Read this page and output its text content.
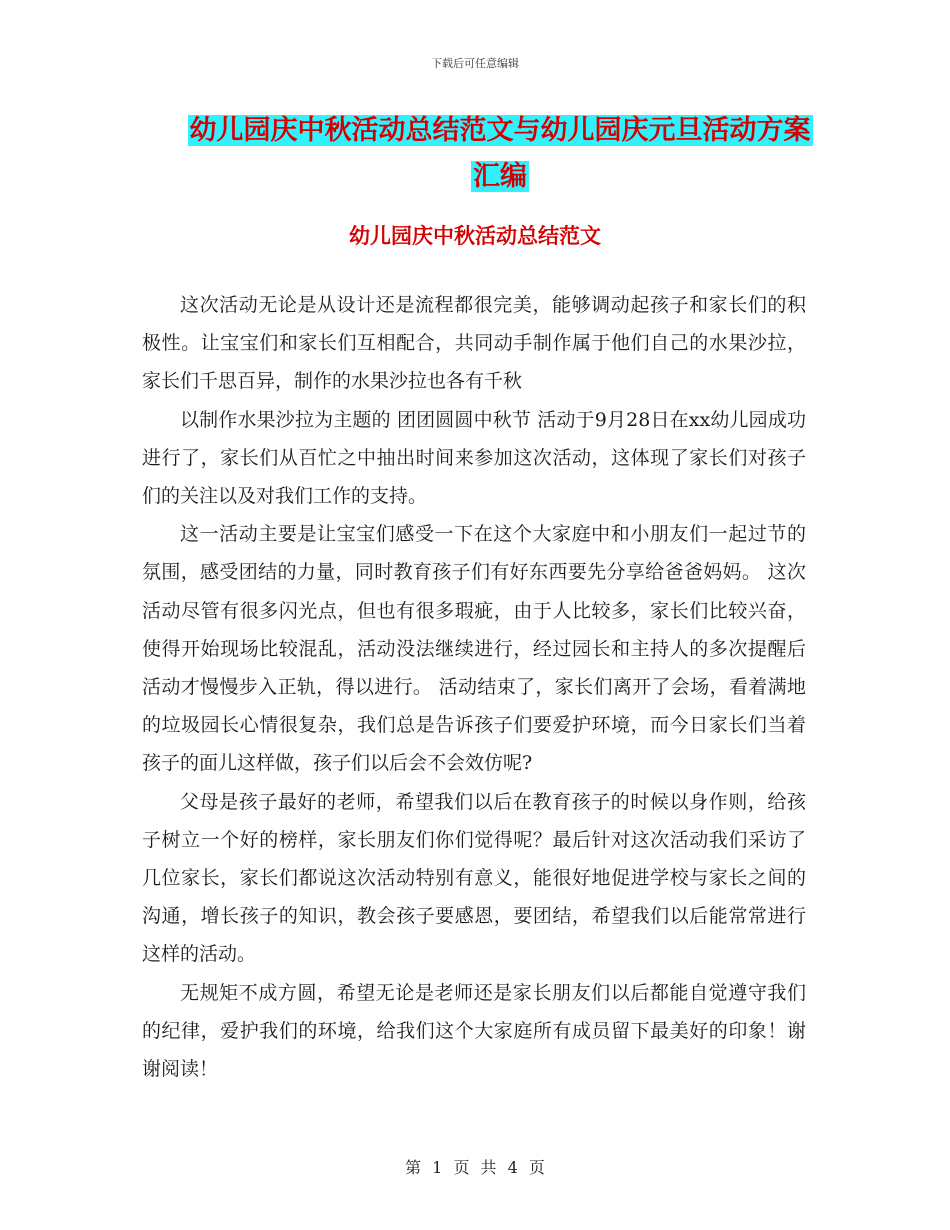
下载后可任意编辑
幼儿园庆中秋活动总结范文与幼儿园庆元旦活动方案
汇编
幼儿园庆中秋活动总结范文

这次活动无论是从设计还是流程都很完美，能够调动起孩子和家长们的积极性。让宝宝们和家长们互相配合，共同动手制作属于他们自己的水果沙拉，家长们千思百异，制作的水果沙拉也各有千秋

以制作水果沙拉为主题的 团团圆圆中秋节 活动于9月28日在xx幼儿园成功进行了，家长们从百忙之中抽出时间来参加这次活动，这体现了家长们对孩子们的关注以及对我们工作的支持。

这一活动主要是让宝宝们感受一下在这个大家庭中和小朋友们一起过节的氛围，感受团结的力量，同时教育孩子们有好东西要先分享给爸爸妈妈。 这次活动尽管有很多闪光点，但也有很多瑕疵，由于人比较多，家长们比较兴奋，使得开始现场比较混乱，活动没法继续进行，经过园长和主持人的多次提醒后活动才慢慢步入正轨，得以进行。 活动结束了，家长们离开了会场，看着满地的垃圾园长心情很复杂，我们总是告诉孩子们要爱护环境，而今日家长们当着孩子的面儿这样做，孩子们以后会不会效仿呢?

父母是孩子最好的老师，希望我们以后在教育孩子的时候以身作则，给孩子树立一个好的榜样，家长朋友们你们觉得呢？最后针对这次活动我们采访了几位家长，家长们都说这次活动特别有意义，能很好地促进学校与家长之间的沟通，增长孩子的知识，教会孩子要感恩，要团结，希望我们以后能常常进行这样的活动。

无规矩不成方圆，希望无论是老师还是家长朋友们以后都能自觉遵守我们的纪律，爱护我们的环境，给我们这个大家庭所有成员留下最美好的印象！谢谢阅读！

第 1 页 共 4 页
